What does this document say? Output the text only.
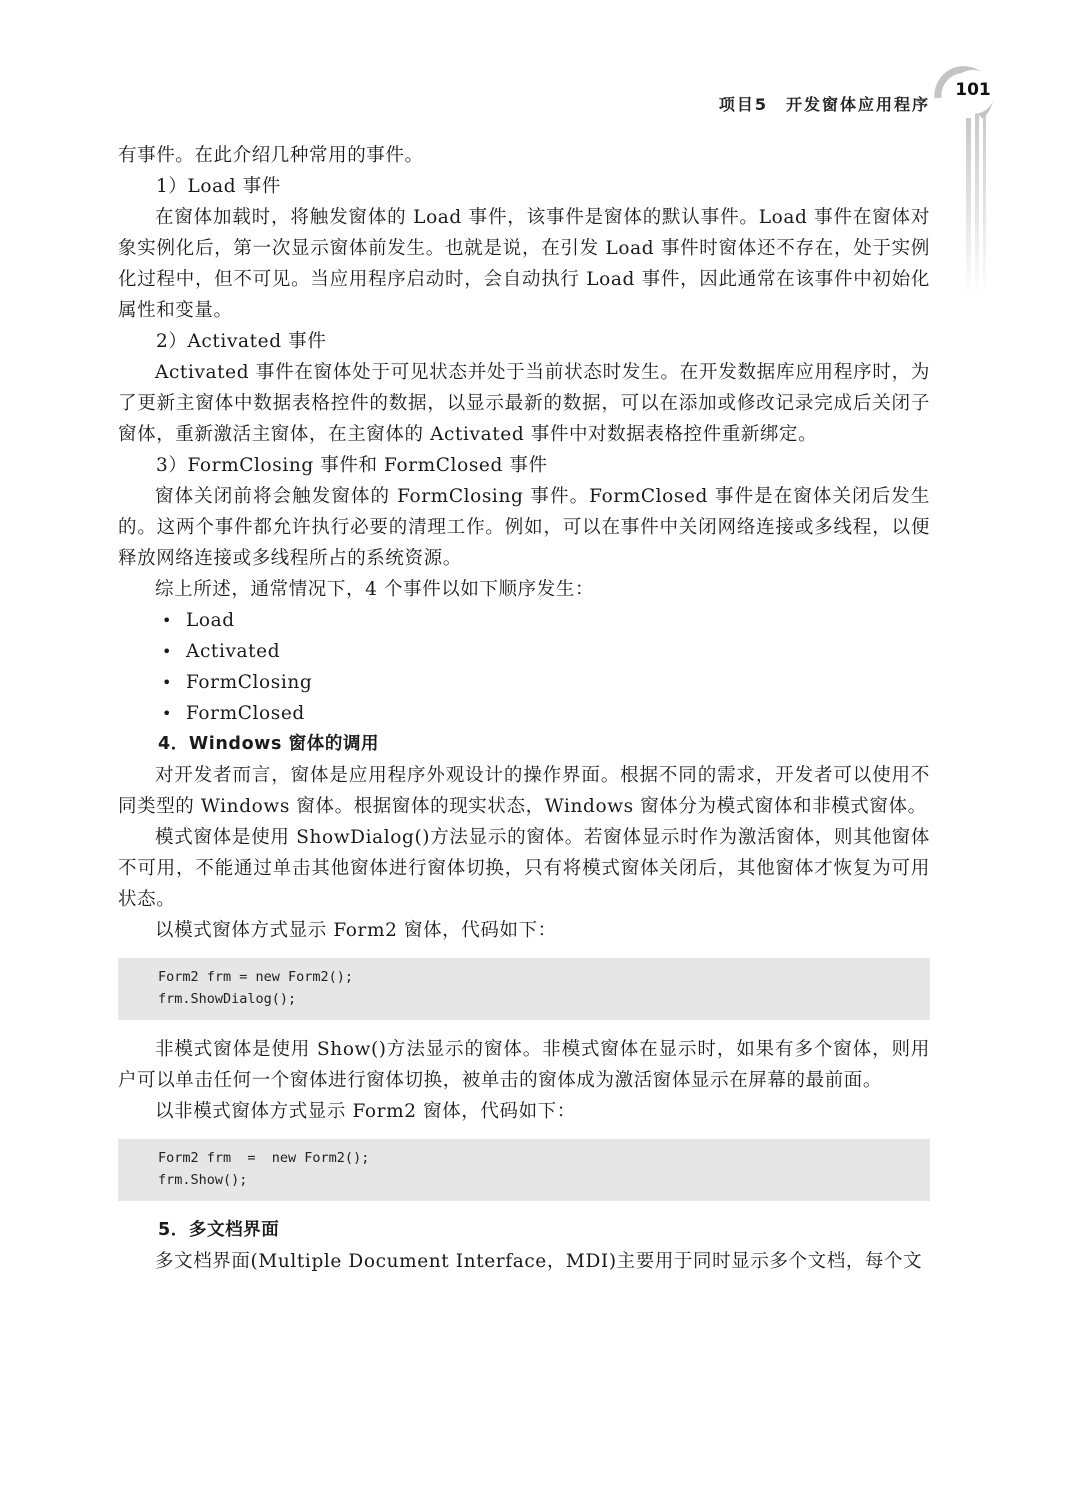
项目5　开发窗体应用程序
101

有事件。在此介绍几种常用的事件。

1）Load 事件

在窗体加载时，将触发窗体的 Load 事件，该事件是窗体的默认事件。Load 事件在窗体对象实例化后，第一次显示窗体前发生。也就是说，在引发 Load 事件时窗体还不存在，处于实例化过程中，但不可见。当应用程序启动时，会自动执行 Load 事件，因此通常在该事件中初始化属性和变量。

2）Activated 事件

Activated 事件在窗体处于可见状态并处于当前状态时发生。在开发数据库应用程序时，为了更新主窗体中数据表格控件的数据，以显示最新的数据，可以在添加或修改记录完成后关闭子窗体，重新激活主窗体，在主窗体的 Activated 事件中对数据表格控件重新绑定。

3）FormClosing 事件和 FormClosed 事件

窗体关闭前将会触发窗体的 FormClosing 事件。FormClosed 事件是在窗体关闭后发生的。这两个事件都允许执行必要的清理工作。例如，可以在事件中关闭网络连接或多线程，以便释放网络连接或多线程所占的系统资源。

综上所述，通常情况下，4 个事件以如下顺序发生：

• Load
• Activated
• FormClosing
• FormClosed

4．Windows 窗体的调用

对开发者而言，窗体是应用程序外观设计的操作界面。根据不同的需求，开发者可以使用不同类型的 Windows 窗体。根据窗体的现实状态，Windows 窗体分为模式窗体和非模式窗体。

模式窗体是使用 ShowDialog()方法显示的窗体。若窗体显示时作为激活窗体，则其他窗体不可用，不能通过单击其他窗体进行窗体切换，只有将模式窗体关闭后，其他窗体才恢复为可用状态。

以模式窗体方式显示 Form2 窗体，代码如下：

Form2 frm = new Form2();
frm.ShowDialog();

非模式窗体是使用 Show()方法显示的窗体。非模式窗体在显示时，如果有多个窗体，则用户可以单击任何一个窗体进行窗体切换，被单击的窗体成为激活窗体显示在屏幕的最前面。

以非模式窗体方式显示 Form2 窗体，代码如下：

Form2 frm  =  new Form2();
frm.Show();

5．多文档界面

多文档界面(Multiple Document Interface，MDI)主要用于同时显示多个文档，每个文
